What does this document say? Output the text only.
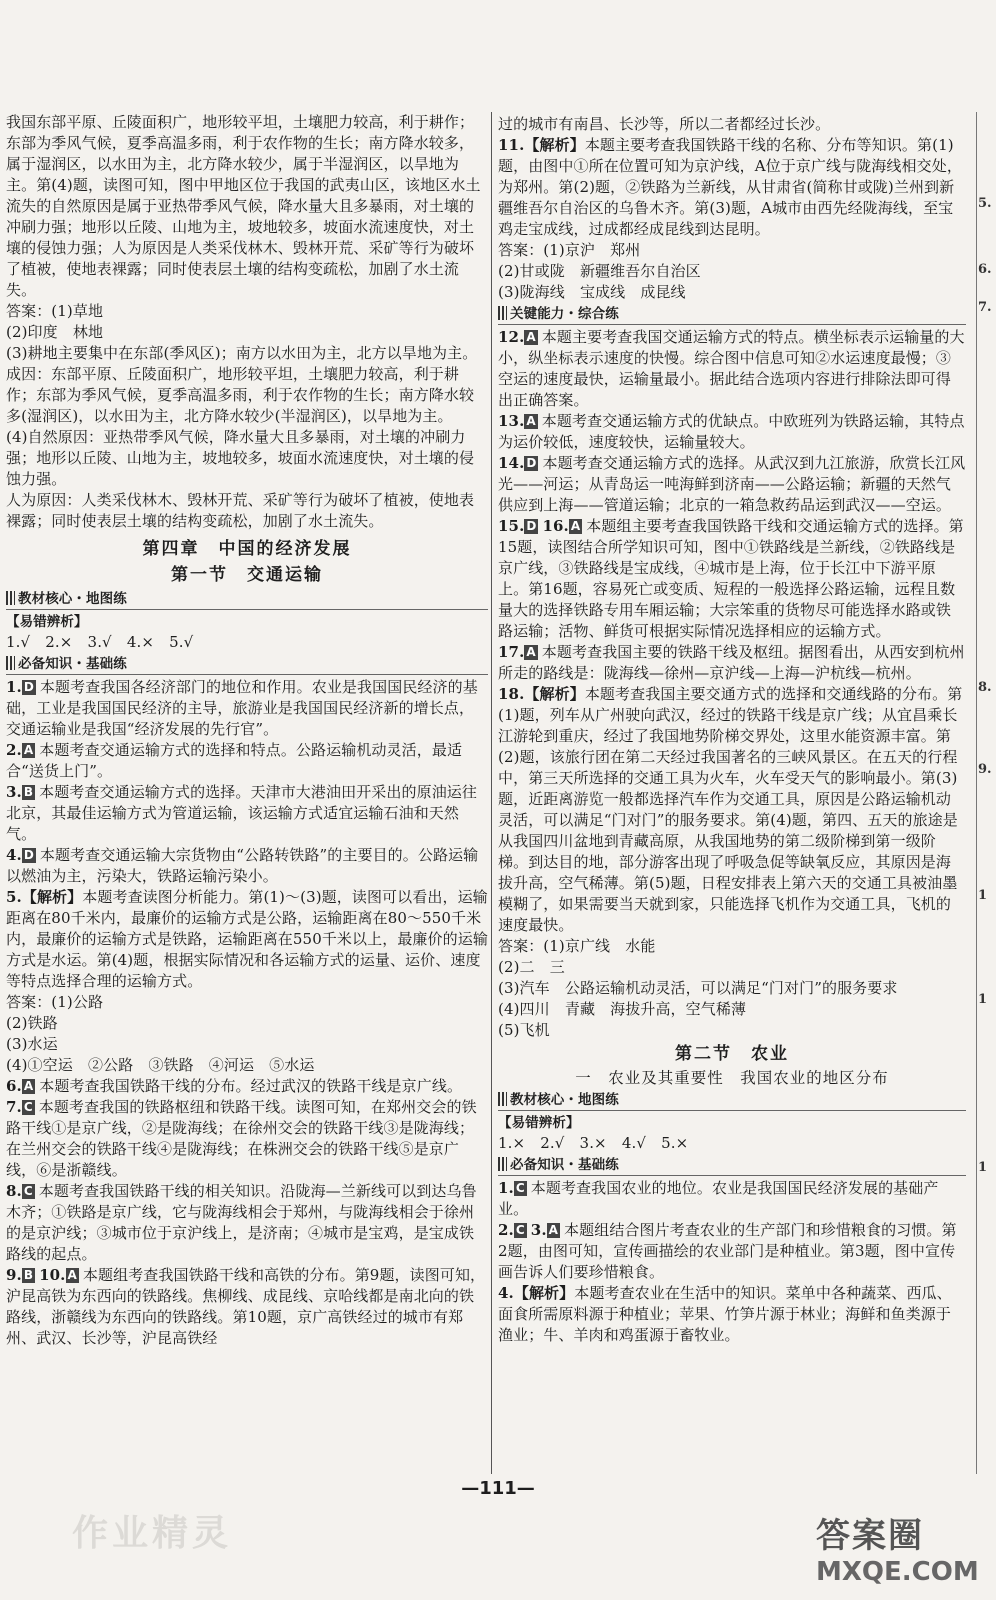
我国东部平原、丘陵面积广，地形较平坦，土壤肥力较高，利于耕作；东部为季风气候，夏季高温多雨，利于农作物的生长；南方降水较多，属于湿润区，以水田为主，北方降水较少，属于半湿润区，以旱地为主。第(4)题，读图可知，图中甲地区位于我国的武夷山区，该地区水土流失的自然原因是属于亚热带季风气候，降水量大且多暴雨，对土壤的冲刷力强；地形以丘陵、山地为主，坡地较多，坡面水流速度快，对土壤的侵蚀力强；人为原因是人类采伐林木、毁林开荒、采矿等行为破坏了植被，使地表裸露；同时使表层土壤的结构变疏松，加剧了水土流失。

答案：(1)草地

(2)印度　林地

(3)耕地主要集中在东部(季风区)；南方以水田为主，北方以旱地为主。

成因：东部平原、丘陵面积广，地形较平坦，土壤肥力较高，利于耕作；东部为季风气候，夏季高温多雨，利于农作物的生长；南方降水较多(湿润区)，以水田为主，北方降水较少(半湿润区)，以旱地为主。

(4)自然原因：亚热带季风气候，降水量大且多暴雨，对土壤的冲刷力强；地形以丘陵、山地为主，坡地较多，坡面水流速度快，对土壤的侵蚀力强。

人为原因：人类采伐林木、毁林开荒、采矿等行为破坏了植被，使地表裸露；同时使表层土壤的结构变疏松，加剧了水土流失。

第四章　中国的经济发展
第一节　交通运输
教材核心・地图练
【易错辨析】

1.√　2.×　3.√　4.×　5.√

必备知识・基础练

1. D 本题考查我国各经济部门的地位和作用。农业是我国国民经济的基础，工业是我国国民经济的主导，旅游业是我国国民经济新的增长点，交通运输业是我国“经济发展的先行官”。

2. A 本题考查交通运输方式的选择和特点。公路运输机动灵活，最适合“送货上门”。

3. B 本题考查交通运输方式的选择。天津市大港油田开采出的原油运往北京，其最佳运输方式为管道运输，该运输方式适宜运输石油和天然气。

4. D 本题考查交通运输大宗货物由“公路转铁路”的主要目的。公路运输以燃油为主，污染大，铁路运输污染小。

5.【解析】本题考查读图分析能力。第(1)～(3)题，读图可以看出，运输距离在80千米内，最廉价的运输方式是公路，运输距离在80～550千米内，最廉价的运输方式是铁路，运输距离在550千米以上，最廉价的运输方式是水运。第(4)题，根据实际情况和各运输方式的运量、运价、速度等特点选择合理的运输方式。

答案：(1)公路

(2)铁路

(3)水运

(4)①空运　②公路　③铁路　④河运　⑤水运

6. A 本题考查我国铁路干线的分布。经过武汉的铁路干线是京广线。

7. C 本题考查我国的铁路枢纽和铁路干线。读图可知，在郑州交会的铁路干线①是京广线，②是陇海线；在徐州交会的铁路干线③是陇海线；在兰州交会的铁路干线④是陇海线；在株洲交会的铁路干线⑤是京广线，⑥是浙赣线。

8. C 本题考查我国铁路干线的相关知识。沿陇海—兰新线可以到达乌鲁木齐；①铁路是京广线，它与陇海线相会于郑州，与陇海线相会于徐州的是京沪线；③城市位于京沪线上，是济南；④城市是宝鸡，是宝成铁路线的起点。

9. B 10. A 本题组考查我国铁路干线和高铁的分布。第9题，读图可知，沪昆高铁为东西向的铁路线。焦柳线、成昆线、京哈线都是南北向的铁路线，浙赣线为东西向的铁路线。第10题，京广高铁经过的城市有郑州、武汉、长沙等，沪昆高铁经

过的城市有南昌、长沙等，所以二者都经过长沙。

11.【解析】本题主要考查我国铁路干线的名称、分布等知识。第(1)题，由图中①所在位置可知为京沪线，A位于京广线与陇海线相交处，为郑州。第(2)题，②铁路为兰新线，从甘肃省(简称甘或陇)兰州到新疆维吾尔自治区的乌鲁木齐。第(3)题，A城市由西先经陇海线，至宝鸡走宝成线，过成都经成昆线到达昆明。

答案：(1)京沪　郑州

(2)甘或陇　新疆维吾尔自治区

(3)陇海线　宝成线　成昆线

关键能力・综合练

12. A 本题主要考查我国交通运输方式的特点。横坐标表示运输量的大小，纵坐标表示速度的快慢。综合图中信息可知②水运速度最慢；③空运的速度最快，运输量最小。据此结合选项内容进行排除法即可得出正确答案。

13. A 本题考查交通运输方式的优缺点。中欧班列为铁路运输，其特点为运价较低，速度较快，运输量较大。

14. D 本题考查交通运输方式的选择。从武汉到九江旅游，欣赏长江风光——河运；从青岛运一吨海鲜到济南——公路运输；新疆的天然气供应到上海——管道运输；北京的一箱急救药品运到武汉——空运。

15. D 16. A 本题组主要考查我国铁路干线和交通运输方式的选择。第15题，读图结合所学知识可知，图中①铁路线是兰新线，②铁路线是京广线，③铁路线是宝成线，④城市是上海，位于长江中下游平原上。第16题，容易死亡或变质、短程的一般选择公路运输，远程且数量大的选择铁路专用车厢运输；大宗笨重的货物尽可能选择水路或铁路运输；活物、鲜货可根据实际情况选择相应的运输方式。

17. A 本题考查我国主要的铁路干线及枢纽。据图看出，从西安到杭州所走的路线是：陇海线—徐州—京沪线—上海—沪杭线—杭州。

18.【解析】本题考查我国主要交通方式的选择和交通线路的分布。第(1)题，列车从广州驶向武汉，经过的铁路干线是京广线；从宜昌乘长江游轮到重庆，经过了我国地势阶梯交界处，这里水能资源丰富。第(2)题，该旅行团在第二天经过我国著名的三峡风景区。在五天的行程中，第三天所选择的交通工具为火车，火车受天气的影响最小。第(3)题，近距离游览一般都选择汽车作为交通工具，原因是公路运输机动灵活，可以满足“门对门”的服务要求。第(4)题，第四、五天的旅途是从我国四川盆地到青藏高原，从我国地势的第二级阶梯到第一级阶梯。到达目的地，部分游客出现了呼吸急促等缺氧反应，其原因是海拔升高，空气稀薄。第(5)题，日程安排表上第六天的交通工具被油墨模糊了，如果需要当天就到家，只能选择飞机作为交通工具，飞机的速度最快。

答案：(1)京广线　水能

(2)二　三

(3)汽车　公路运输机动灵活，可以满足“门对门”的服务要求

(4)四川　青藏　海拔升高，空气稀薄

(5)飞机

第二节　农业
一　农业及其重要性　我国农业的地区分布
教材核心・地图练
【易错辨析】

1.×　2.√　3.×　4.√　5.×

必备知识・基础练

1. C 本题考查我国农业的地位。农业是我国国民经济发展的基础产业。

2. C 3. A 本题组结合图片考查农业的生产部门和珍惜粮食的习惯。第2题，由图可知，宣传画描绘的农业部门是种植业。第3题，图中宣传画告诉人们要珍惜粮食。

4.【解析】本题考查农业在生活中的知识。菜单中各种蔬菜、西瓜、面食所需原料源于种植业；苹果、竹笋片源于林业；海鲜和鱼类源于渔业；牛、羊肉和鸡蛋源于畜牧业。

5.
6.
7.
8.
9.
1
1
1
—111—
作业精灵	答案圈
MXQE.COM
